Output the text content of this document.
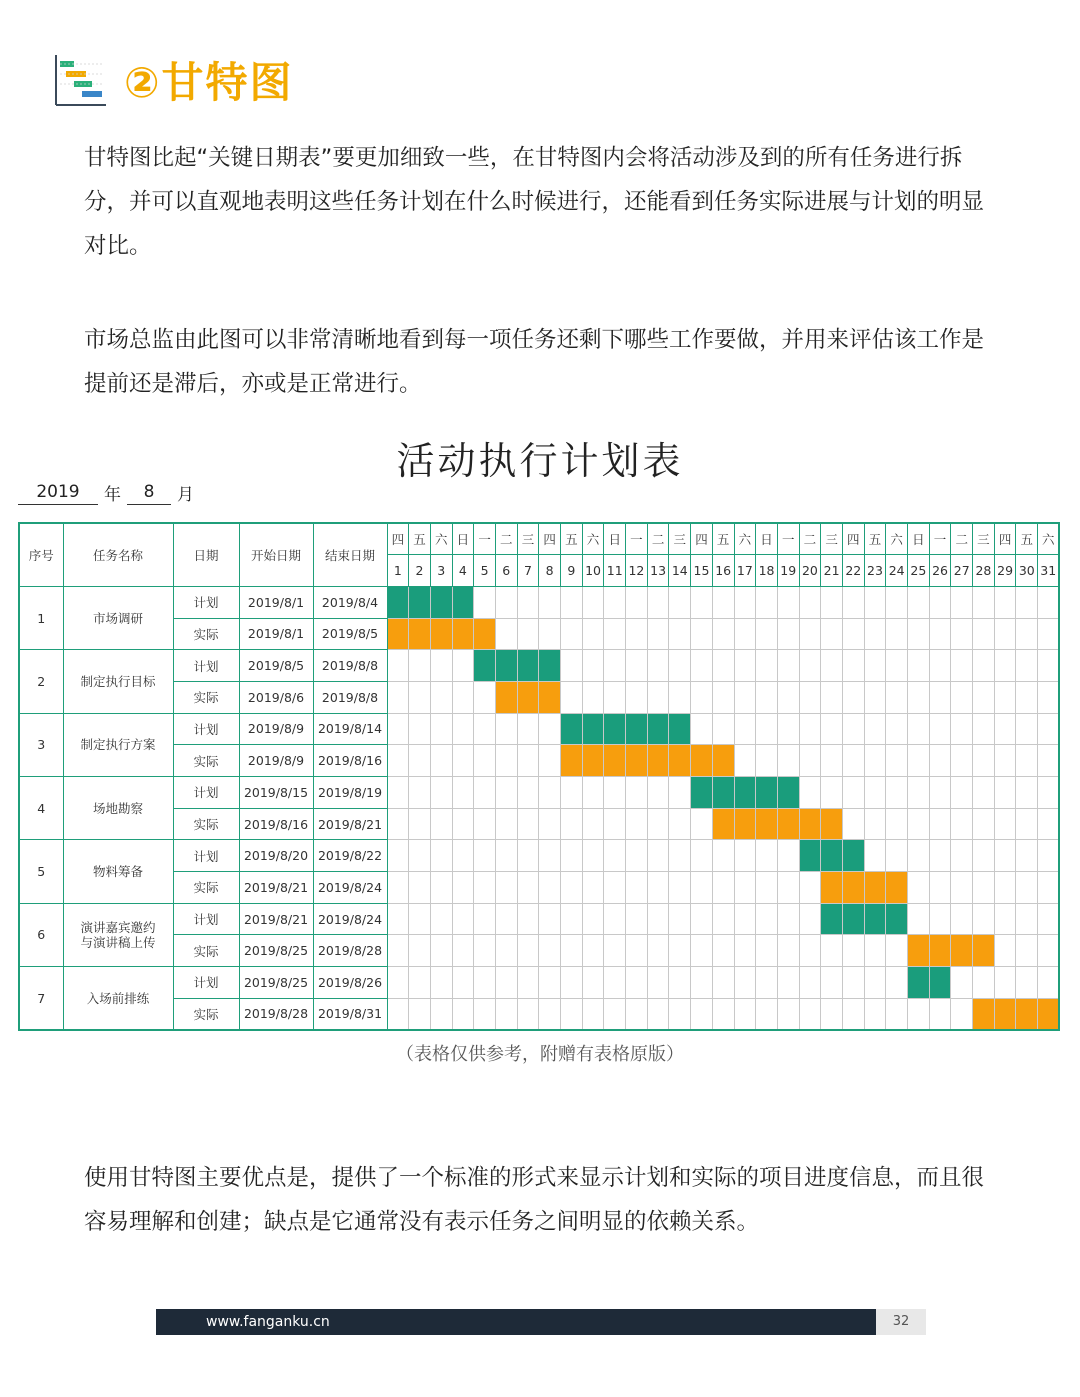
②甘特图

甘特图比起“关键日期表”要更加细致一些，在甘特图内会将活动涉及到的所有任务进行拆分，并可以直观地表明这些任务计划在什么时候进行，还能看到任务实际进展与计划的明显对比。

市场总监由此图可以非常清晰地看到每一项任务还剩下哪些工作要做，并用来评估该工作是提前还是滞后，亦或是正常进行。

活动执行计划表
2019	年	8	月
序号	任务名称	日期	开始日期	结束日期	四	五	六	日	一	二	三	四	五	六	日	一	二	三	四	五	六	日	一	二	三	四	五	六	日	一	二	三	四	五	六
					1	2	3	4	5	6	7	8	9	10	11	12	13	14	15	16	17	18	19	20	21	22	23	24	25	26	27	28	29	30	31
1	市场调研	计划	2019/8/1	2019/8/4																															
		实际	2019/8/1	2019/8/5																															
2	制定执行目标	计划	2019/8/5	2019/8/8																															
		实际	2019/8/6	2019/8/8																															
3	制定执行方案	计划	2019/8/9	2019/8/14																															
		实际	2019/8/9	2019/8/16																															
4	场地勘察	计划	2019/8/15	2019/8/19																															
		实际	2019/8/16	2019/8/21																															
5	物料筹备	计划	2019/8/20	2019/8/22																															
		实际	2019/8/21	2019/8/24																															
6	演讲嘉宾邀约
与演讲稿上传	计划	2019/8/21	2019/8/24																															
		实际	2019/8/25	2019/8/28																															
7	入场前排练	计划	2019/8/25	2019/8/26																															
		实际	2019/8/28	2019/8/31																															
（表格仅供参考，附赠有表格原版）

使用甘特图主要优点是，提供了一个标准的形式来显示计划和实际的项目进度信息，而且很容易理解和创建；缺点是它通常没有表示任务之间明显的依赖关系。

www.fanganku.cn	32
